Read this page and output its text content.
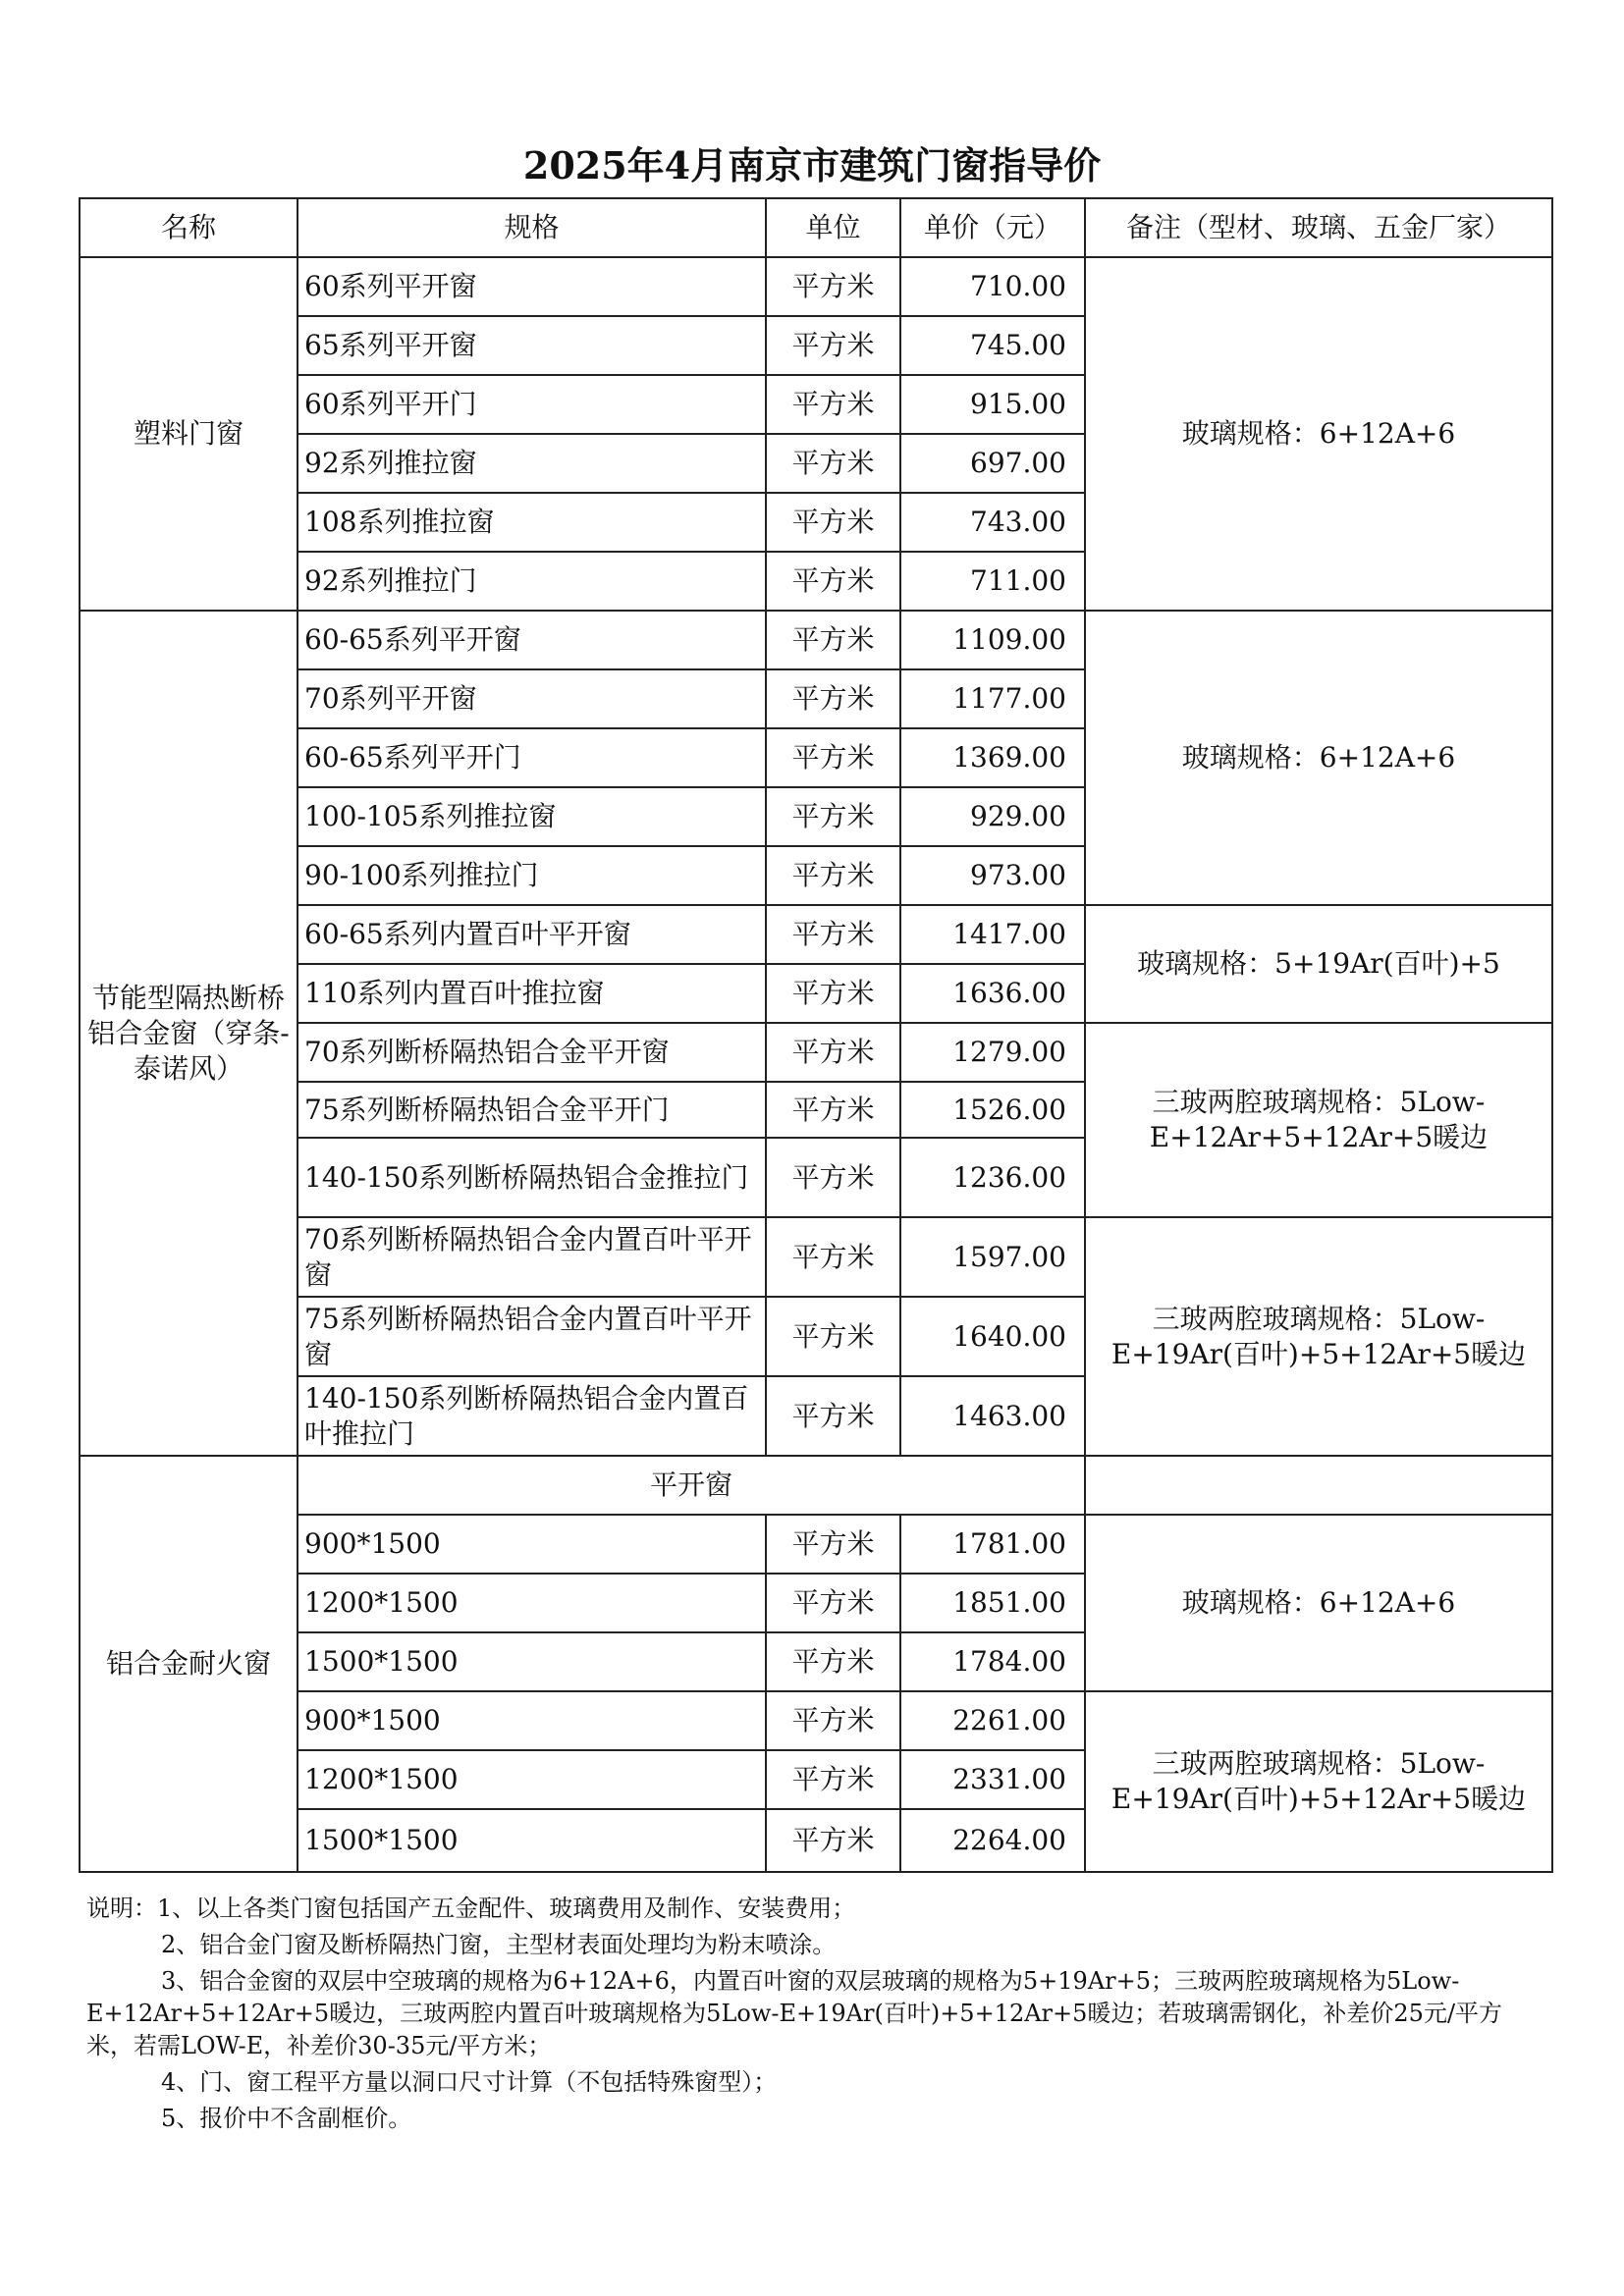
2025年4月南京市建筑门窗指导价
名称	规格	单位	单价（元）	备注（型材、玻璃、五金厂家）
塑料门窗	60系列平开窗	平方米	710.00	玻璃规格：6+12A+6
	65系列平开窗	平方米	745.00	
	60系列平开门	平方米	915.00	
	92系列推拉窗	平方米	697.00	
	108系列推拉窗	平方米	743.00	
	92系列推拉门	平方米	711.00	
节能型隔热断桥铝合金窗（穿条-泰诺风）	60-65系列平开窗	平方米	1109.00	玻璃规格：6+12A+6
	70系列平开窗	平方米	1177.00	
	60-65系列平开门	平方米	1369.00	
	100-105系列推拉窗	平方米	929.00	
	90-100系列推拉门	平方米	973.00	
	60-65系列内置百叶平开窗	平方米	1417.00	玻璃规格：5+19Ar(百叶)+5
	110系列内置百叶推拉窗	平方米	1636.00	
	70系列断桥隔热铝合金平开窗	平方米	1279.00	三玻两腔玻璃规格：5Low-E+12Ar+5+12Ar+5暖边
	75系列断桥隔热铝合金平开门	平方米	1526.00	
	140-150系列断桥隔热铝合金推拉门	平方米	1236.00	
	70系列断桥隔热铝合金内置百叶平开窗	平方米	1597.00	三玻两腔玻璃规格：5Low-E+19Ar(百叶)+5+12Ar+5暖边
	75系列断桥隔热铝合金内置百叶平开窗	平方米	1640.00	
	140-150系列断桥隔热铝合金内置百叶推拉门	平方米	1463.00	
铝合金耐火窗	平开窗			
	900*1500	平方米	1781.00	玻璃规格：6+12A+6
	1200*1500	平方米	1851.00	
	1500*1500	平方米	1784.00	
	900*1500	平方米	2261.00	三玻两腔玻璃规格：5Low-E+19Ar(百叶)+5+12Ar+5暖边
	1200*1500	平方米	2331.00	
	1500*1500	平方米	2264.00	

说明：1、以上各类门窗包括国产五金配件、玻璃费用及制作、安装费用；

2、铝合金门窗及断桥隔热门窗，主型材表面处理均为粉末喷涂。

3、铝合金窗的双层中空玻璃的规格为6+12A+6，内置百叶窗的双层玻璃的规格为5+19Ar+5；三玻两腔玻璃规格为5Low-E+12Ar+5+12Ar+5暖边，三玻两腔内置百叶玻璃规格为5Low-E+19Ar(百叶)+5+12Ar+5暖边；若玻璃需钢化，补差价25元/平方米，若需LOW-E，补差价30-35元/平方米；

4、门、窗工程平方量以洞口尺寸计算（不包括特殊窗型）；

5、报价中不含副框价。
